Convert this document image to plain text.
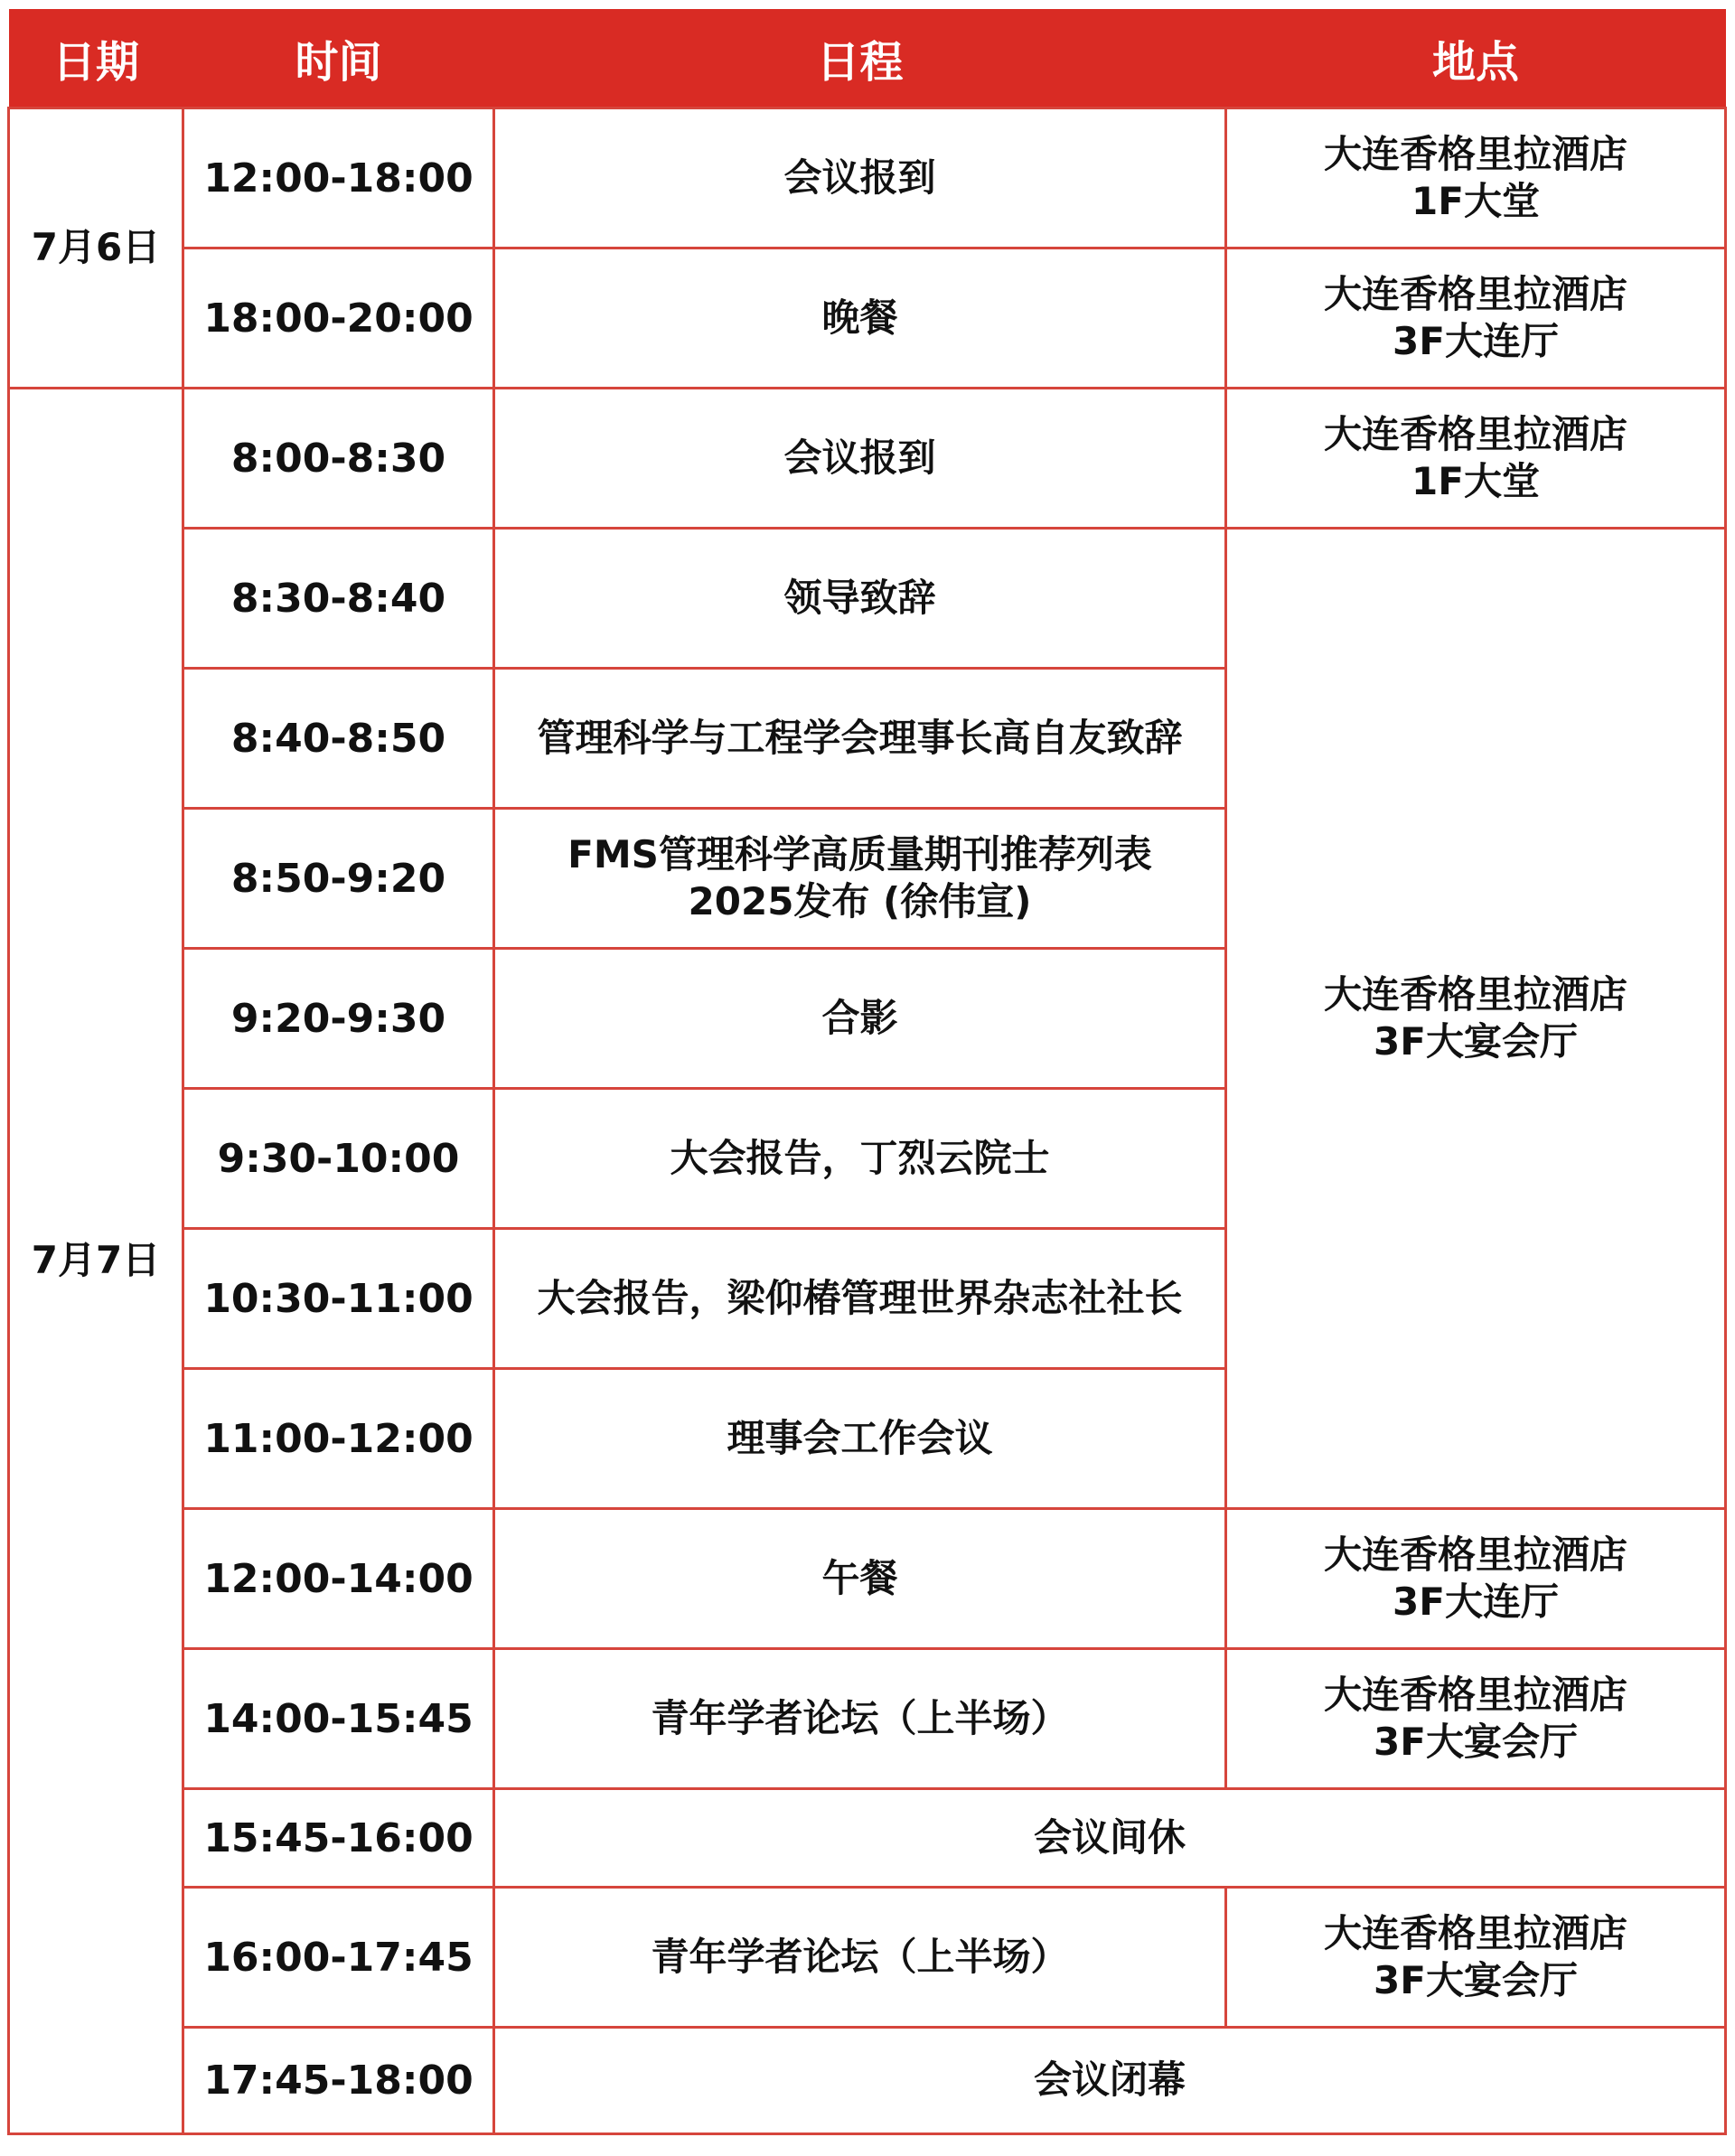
日期	时间	日程	地点
7月6日	12:00-18:00	会议报到	大连香格里拉酒店
1F大堂

	18:00-20:00	晚餐	大连香格里拉酒店
3F大连厅

7月7日	8:00-8:30	会议报到	大连香格里拉酒店
1F大堂

	8:30-8:40	领导致辞	大连香格里拉酒店
3F大宴会厅

	8:40-8:50	管理科学与工程学会理事长高自友致辞	

	8:50-9:20	FMS管理科学高质量期刊推荐列表
2025发布 (徐伟宣)	

	9:20-9:30	合影	

	9:30-10:00	大会报告，丁烈云院士	

	10:30-11:00	大会报告，梁仰椿管理世界杂志社社长	

	11:00-12:00	理事会工作会议	

	12:00-14:00	午餐	大连香格里拉酒店
3F大连厅

	14:00-15:45	青年学者论坛（上半场）	大连香格里拉酒店
3F大宴会厅

	15:45-16:00	会议间休	

	16:00-17:45	青年学者论坛（上半场）	大连香格里拉酒店
3F大宴会厅

	17:45-18:00	会议闭幕	
